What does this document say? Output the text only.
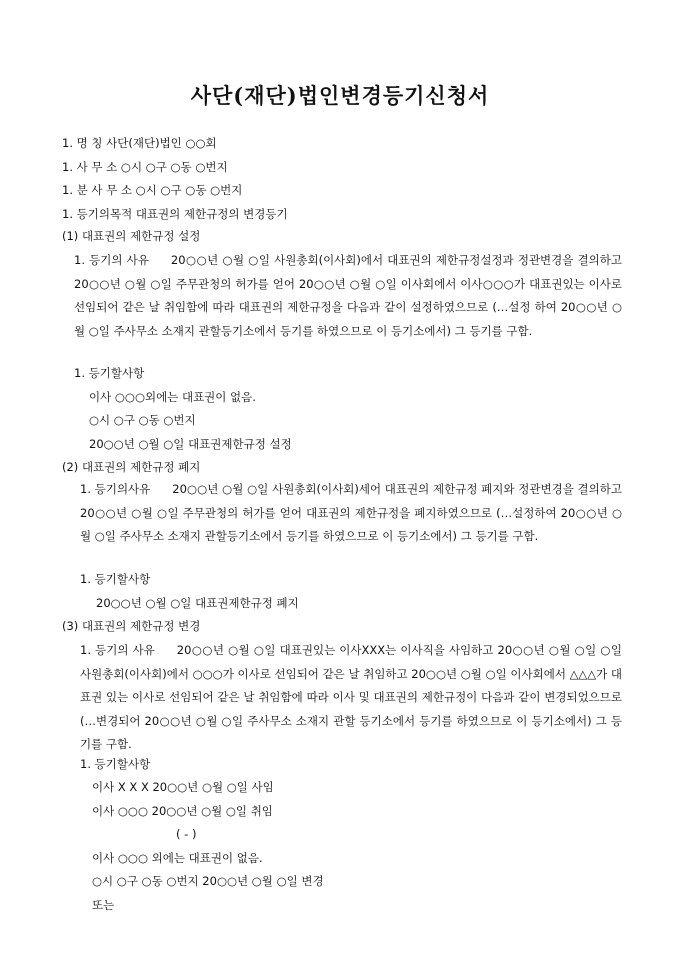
사단(재단)법인변경등기신청서
1. 명 칭 사단(재단)법인 ○○회
1. 사 무 소 ○시 ○구 ○동 ○번지
1. 분 사 무 소 ○시 ○구 ○동 ○번지
1. 등기의목적 대표권의 제한규정의 변경등기
(1) 대표권의 제한규정 설정
1. 등기의 사유 20○○년 ○월 ○일 사원총회(이사회)에서 대표권의 제한규정설정과 정관변경을 결의하고 20○○년 ○월 ○일 주무관청의 허가를 얻어 20○○년 ○월 ○일 이사회에서 이사○○○가 대표권있는 이사로 선임되어 같은 날 취임함에 따라 대표권의 제한규정을 다음과 같이 설정하였으므로 (…설정 하여 20○○년 ○월 ○일 주사무소 소재지 관할등기소에서 등기를 하였으므로 이 등기소에서) 그 등기를 구함.
1. 등기할사항
이사 ○○○외에는 대표권이 없음.
○시 ○구 ○동 ○번지
20○○년 ○월 ○일 대표권제한규정 설정
(2) 대표권의 제한규정 폐지
1. 등기의사유 20○○년 ○월 ○일 사원총회(이사회)세어 대표권의 제한규정 폐지와 정관변경을 결의하고 20○○년 ○월 ○일 주무관청의 허가를 얻어 대표권의 제한규정을 폐지하였으므로 (…설정하여 20○○년 ○월 ○일 주사무소 소재지 관할등기소에서 등기를 하였으므로 이 등기소에서) 그 등기를 구함.
1. 등기할사항
20○○년 ○월 ○일 대표권제한규정 폐지
(3) 대표권의 제한규정 변경
1. 등기의 사유 20○○년 ○월 ○일 대표권있는 이사XXX는 이사직을 사임하고 20○○년 ○월 ○일 ○일 사원총회(이사회)에서 ○○○가 이사로 선임되어 같은 날 취임하고 20○○년 ○월 ○일 이사회에서 △△△가 대표권 있는 이사로 선임되어 같은 날 취임함에 따라 이사 및 대표권의 제한규정이 다음과 같이 변경되었으므로 (…변경되어 20○○년 ○월 ○일 주사무소 소재지 관할 등기소에서 등기를 하였으므로 이 등기소에서) 그 등기를 구함.
1. 등기할사항
이사 X X X 20○○년 ○월 ○일 사임
이사 ○○○ 20○○년 ○월 ○일 취임
( - )
이사 ○○○ 외에는 대표권이 없음.
○시 ○구 ○동 ○번지 20○○년 ○월 ○일 변경
또는
